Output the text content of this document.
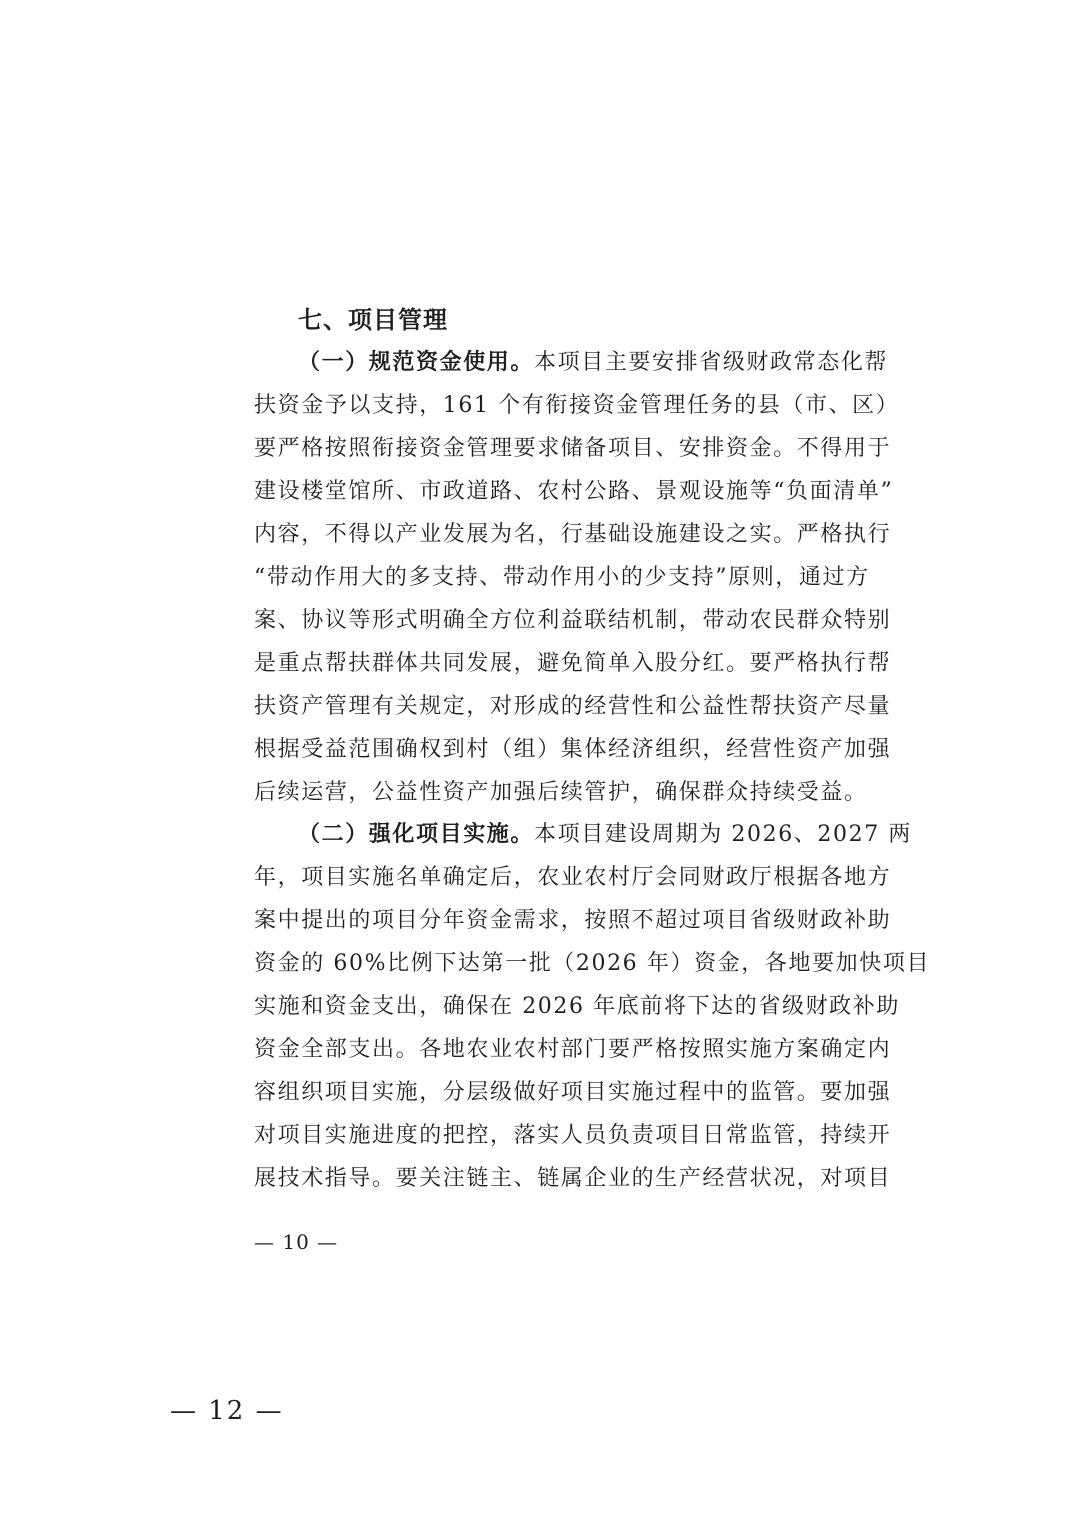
七、项目管理
（一）规范资金使用。本项目主要安排省级财政常态化帮
扶资金予以支持，161 个有衔接资金管理任务的县（市、区）
要严格按照衔接资金管理要求储备项目、安排资金。不得用于
建设楼堂馆所、市政道路、农村公路、景观设施等“负面清单”
内容，不得以产业发展为名，行基础设施建设之实。严格执行
“带动作用大的多支持、带动作用小的少支持”原则，通过方
案、协议等形式明确全方位利益联结机制，带动农民群众特别
是重点帮扶群体共同发展，避免简单入股分红。要严格执行帮
扶资产管理有关规定，对形成的经营性和公益性帮扶资产尽量
根据受益范围确权到村（组）集体经济组织，经营性资产加强
后续运营，公益性资产加强后续管护，确保群众持续受益。
（二）强化项目实施。本项目建设周期为 2026、2027 两
年，项目实施名单确定后，农业农村厅会同财政厅根据各地方
案中提出的项目分年资金需求，按照不超过项目省级财政补助
资金的 60%比例下达第一批（2026 年）资金，各地要加快项目
实施和资金支出，确保在 2026 年底前将下达的省级财政补助
资金全部支出。各地农业农村部门要严格按照实施方案确定内
容组织项目实施，分层级做好项目实施过程中的监管。要加强
对项目实施进度的把控，落实人员负责项目日常监管，持续开
展技术指导。要关注链主、链属企业的生产经营状况，对项目
— 10 —
— 12 —
